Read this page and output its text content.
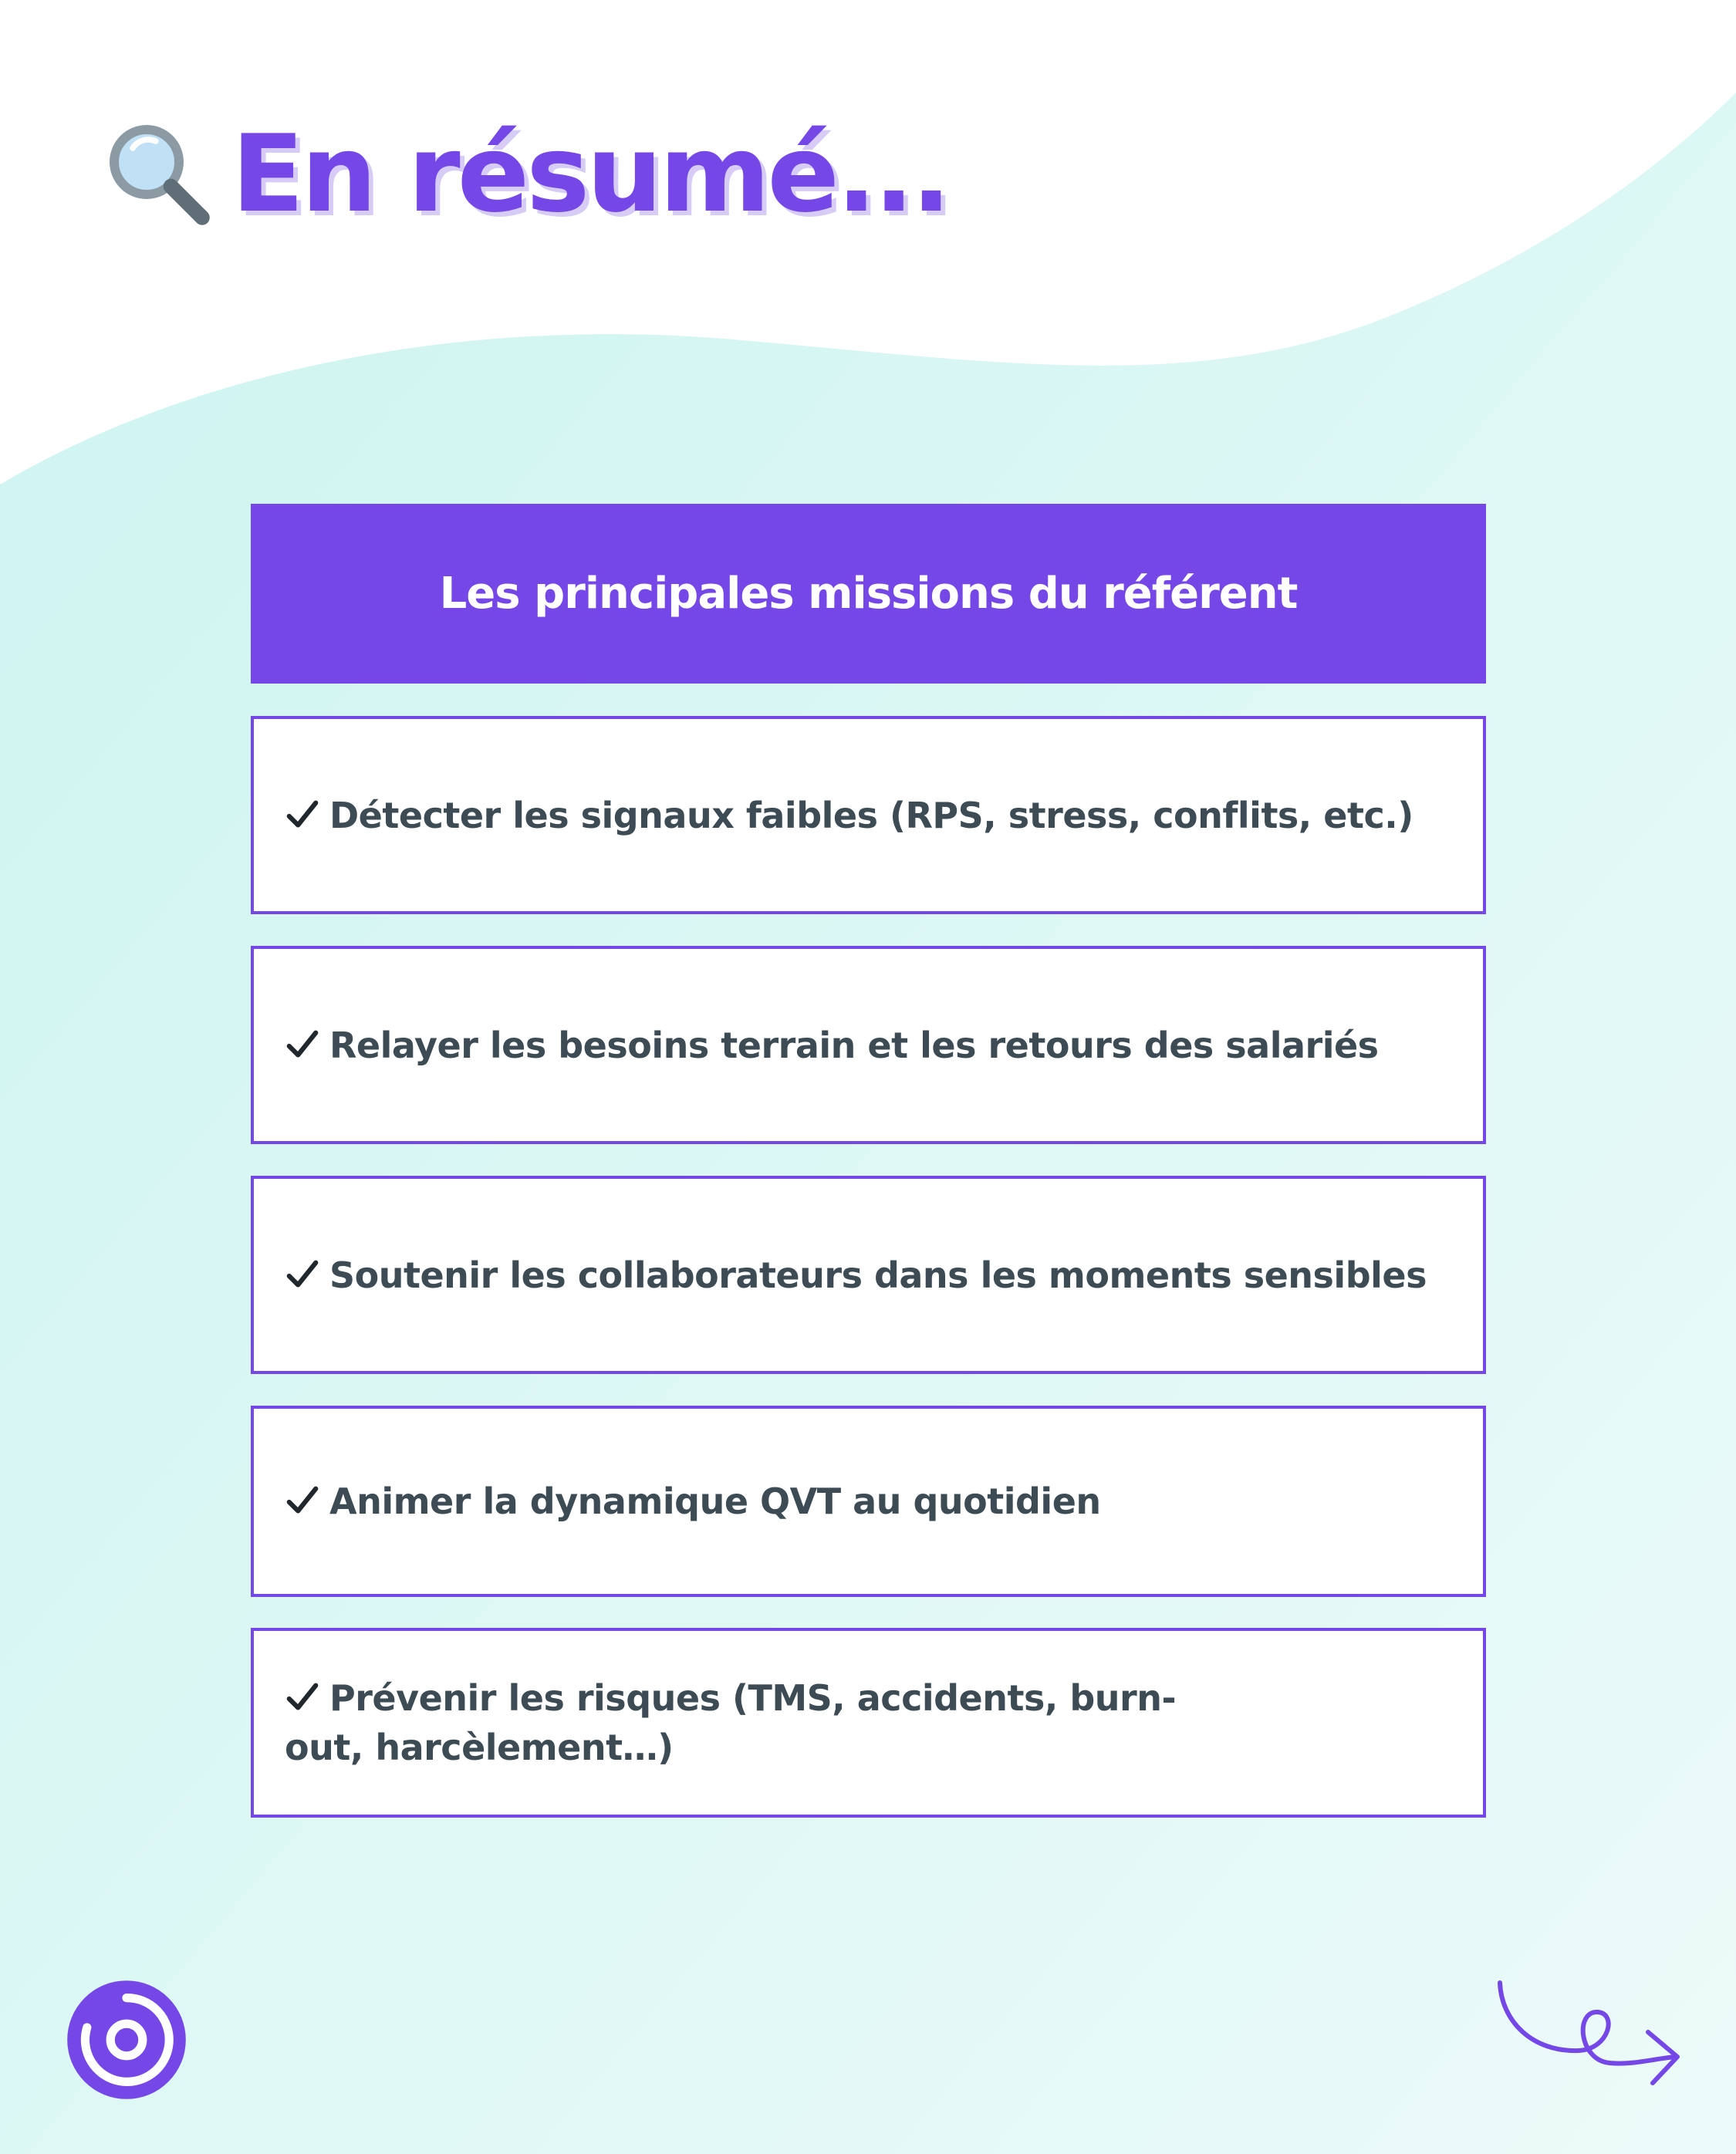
En résumé...
Les principales missions du référent
Détecter les signaux faibles (RPS, stress, conflits, etc.)
Relayer les besoins terrain et les retours des salariés
Soutenir les collaborateurs dans les moments sensibles
Animer la dynamique QVT au quotidien
Prévenir les risques (TMS, accidents, burn-out, harcèlement…)
